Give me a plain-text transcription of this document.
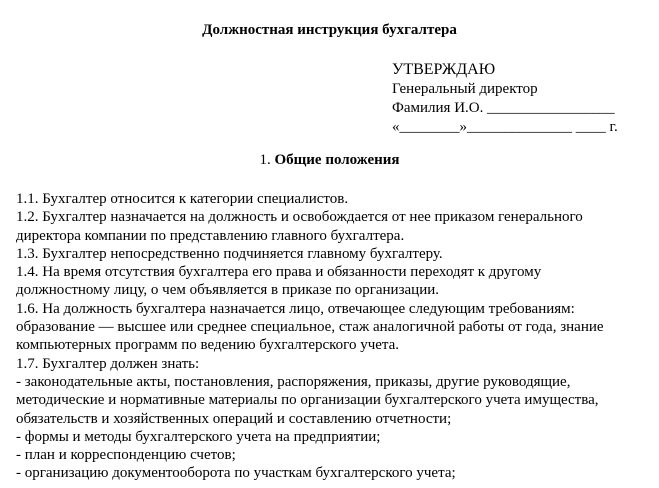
Должностная инструкция бухгалтера
УТВЕРЖДАЮ
Генеральный директор
Фамилия И.О. _________________
«________»______________ ____ г.
1. Общие положения
1.1. Бухгалтер относится к категории специалистов.
1.2. Бухгалтер назначается на должность и освобождается от нее приказом генерального
директора компании по представлению главного бухгалтера.
1.3. Бухгалтер непосредственно подчиняется главному бухгалтеру.
1.4. На время отсутствия бухгалтера его права и обязанности переходят к другому
должностному лицу, о чем объявляется в приказе по организации.
1.6. На должность бухгалтера назначается лицо, отвечающее следующим требованиям:
образование — высшее или среднее специальное, стаж аналогичной работы от года, знание
компьютерных программ по ведению бухгалтерского учета.
1.7. Бухгалтер должен знать:
- законодательные акты, постановления, распоряжения, приказы, другие руководящие,
методические и нормативные материалы по организации бухгалтерского учета имущества,
обязательств и хозяйственных операций и составлению отчетности;
- формы и методы бухгалтерского учета на предприятии;
- план и корреспонденцию счетов;
- организацию документооборота по участкам бухгалтерского учета;
